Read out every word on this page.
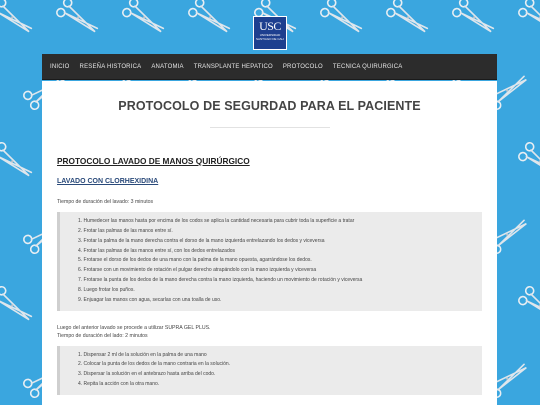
USC
UNIVERSIDAD SANTIAGO DE CALI
INICIO	RESEÑA HISTORICA	ANATOMIA	TRANSPLANTE HEPATICO	PROTOCOLO	TECNICA QUIRURGICA
PROTOCOLO DE SEGURDAD PARA EL PACIENTE
PROTOCOLO LAVADO DE MANOS QUIRÚRGICO
LAVADO CON CLORHEXIDINA

Tiempo de duración del lavado: 3 minutos

1. Humedecer las manos hasta por encima de los codos se aplica la cantidad necesaria para cubrir toda la superficie a tratar
2. Frotar las palmas de las manos entre sí.
3. Frotar la palma de la mano derecha contra el dorso de la mano izquierda entrelazando los dedos y viceversa
4. Frotar las palmas de las manos entre sí, con los dedos entrelazados
5. Frotarse el dorso de los dedos de una mano con la palma de la mano opuesta, agarrándose los dedos.
6. Frotarse con un movimiento de rotación el pulgar derecho atrapándolo con la mano izquierda y viceversa
7. Frotarse la punta de los dedos de la mano derecha contra la mano izquierda, haciendo un movimiento de rotación y viceversa
8. Luego frotar los puños.
9. Enjuagar las manos con agua, secarlas con una toalla de uso.

Luego del anterior lavado se procede a utilizar SUPRA GEL PLUS.
Tiempo de duración del lado: 2 minutos

1. Dispensar 2 ml de la solución en la palma de una mano
2. Colocar la punta de los dedos de la mano contraria en la solución.
3. Dispersar la solución en el antebrazo hasta arriba del codo.
4. Repita la acción con la otra mano.
